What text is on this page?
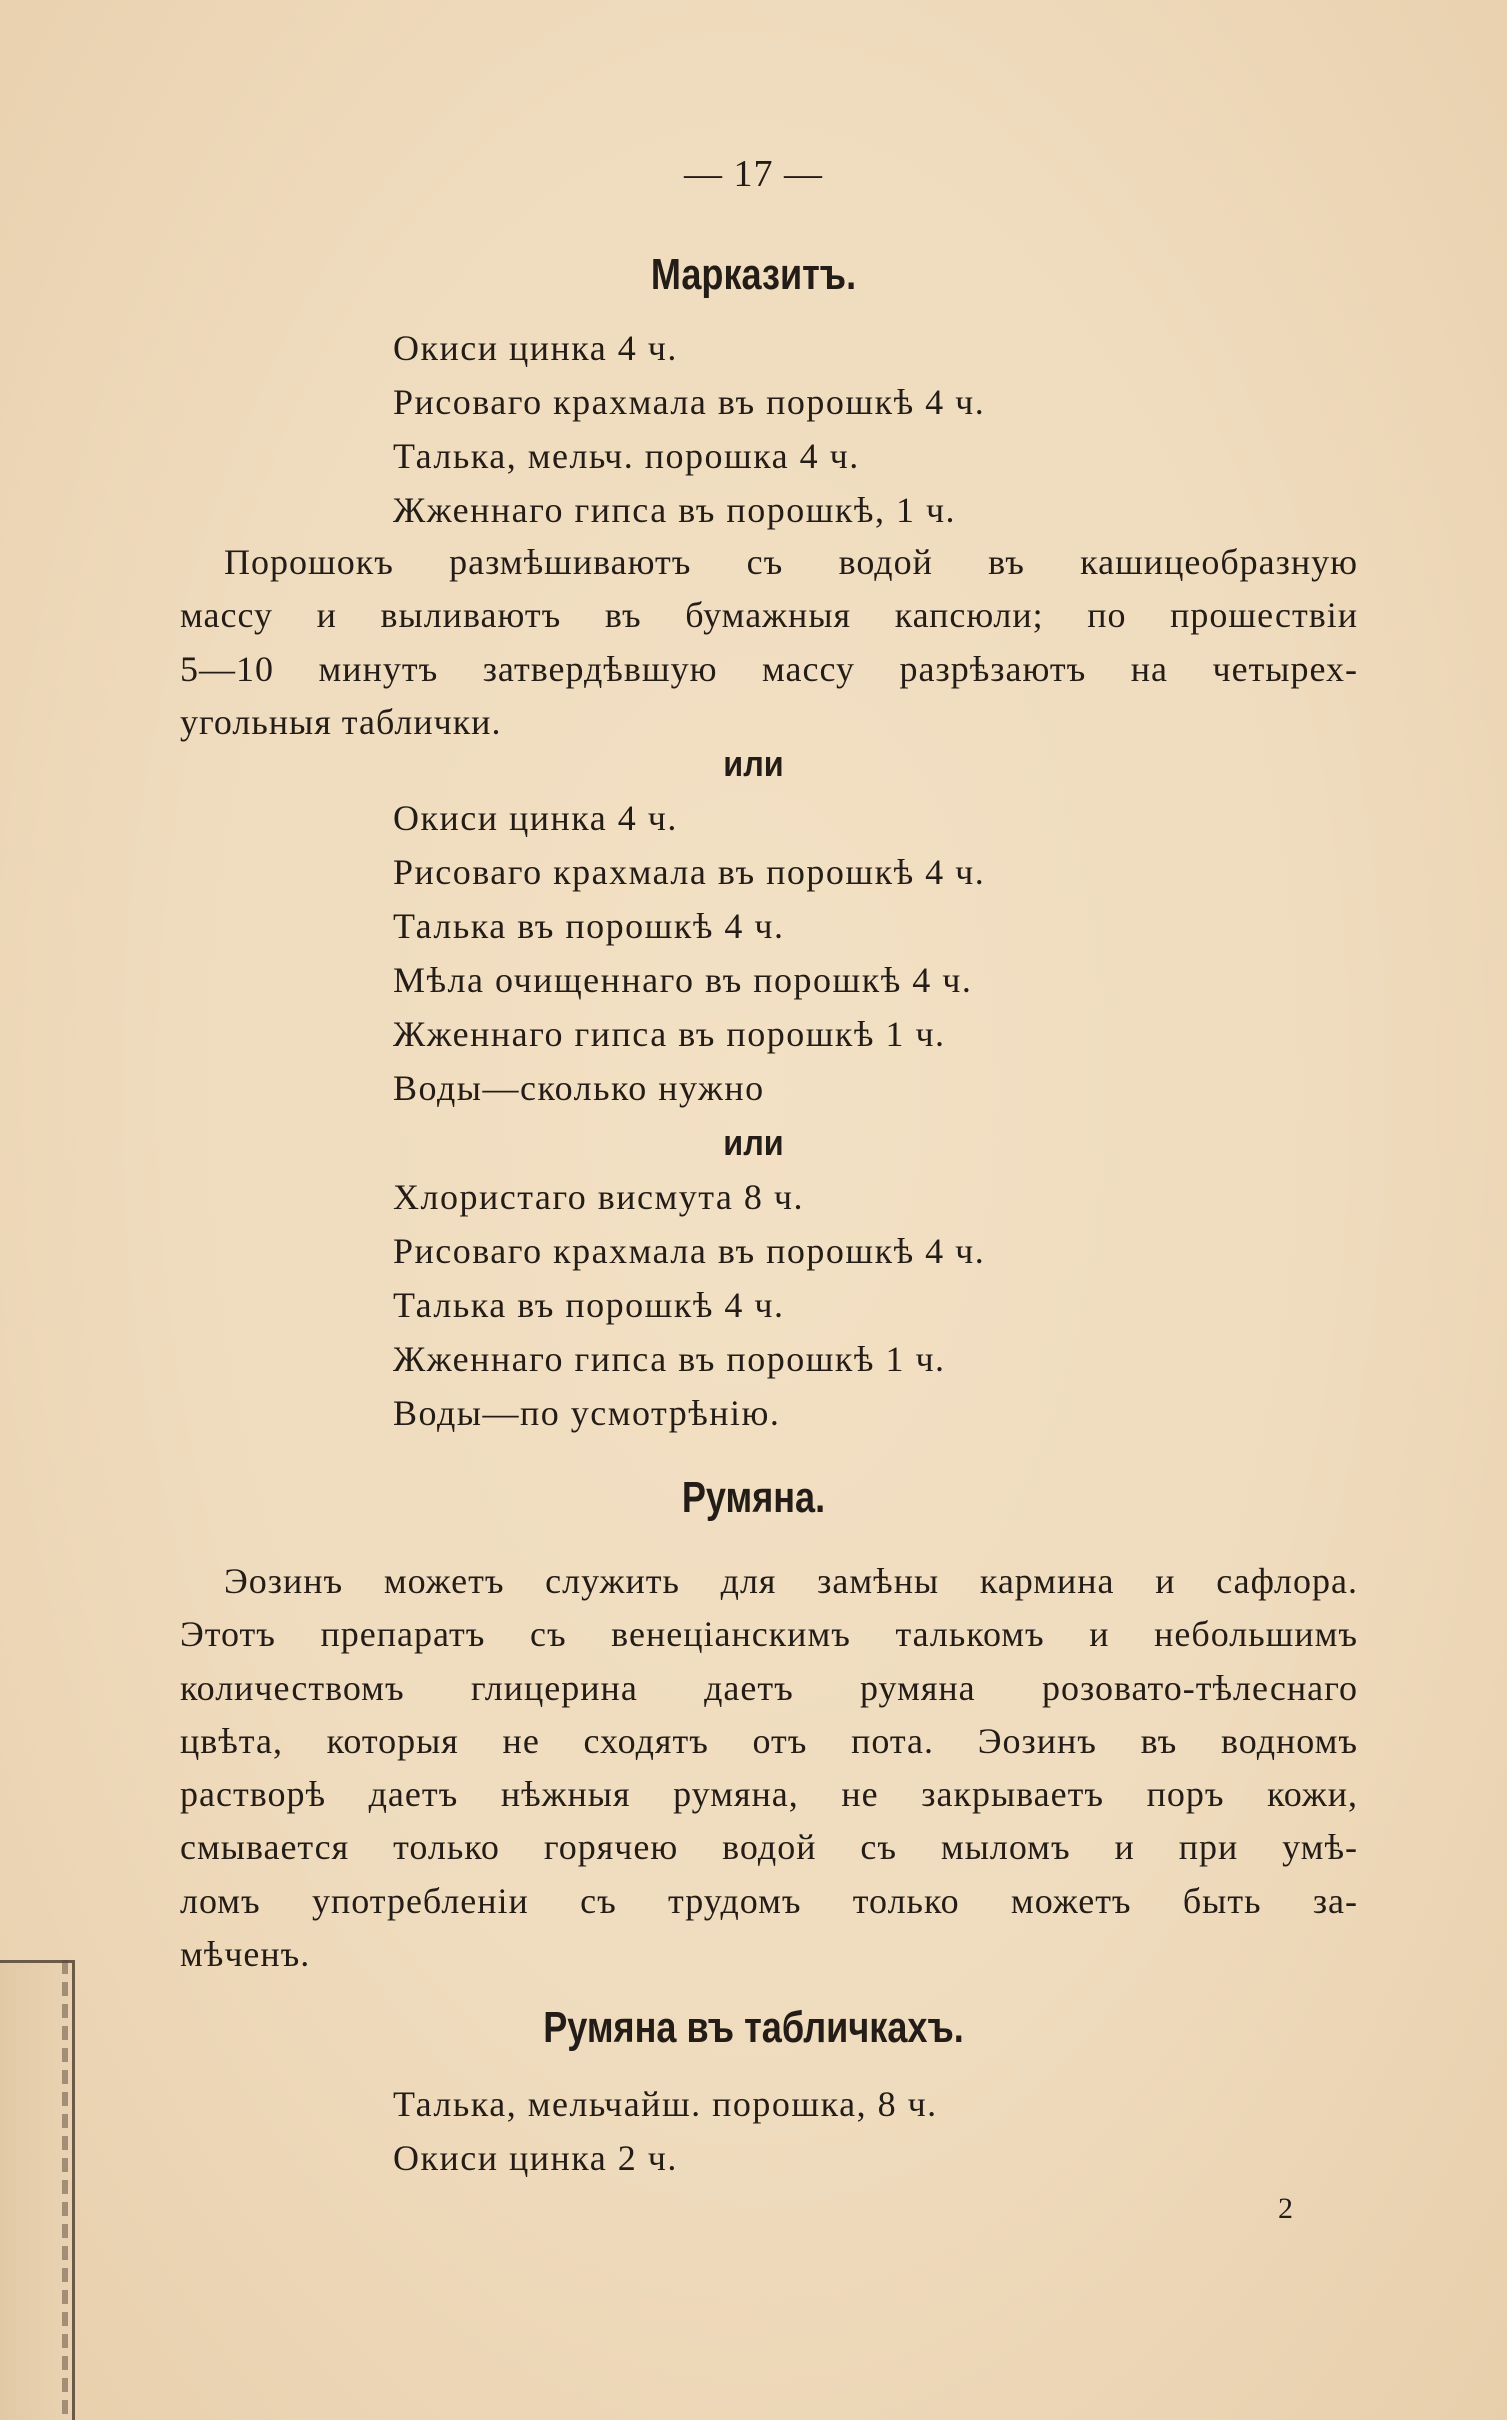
— 17 —
Марказитъ.
Окиси цинка 4 ч.
Рисоваго крахмала въ порошкѣ 4 ч.
Талька, мельч. порошка 4 ч.
Жженнаго гипса въ порошкѣ, 1 ч.
Порошокъ размѣшиваютъ съ водой въ кашицеобразную
массу и выливаютъ въ бумажныя капсюли; по прошествіи
5—10 минутъ затвердѣвшую массу разрѣзаютъ на четырех-
угольныя таблички.
или
Окиси цинка 4 ч.
Рисоваго крахмала въ порошкѣ 4 ч.
Талька въ порошкѣ 4 ч.
Мѣла очищеннаго въ порошкѣ 4 ч.
Жженнаго гипса въ порошкѣ 1 ч.
Воды—сколько нужно
или
Хлористаго висмута 8 ч.
Рисоваго крахмала въ порошкѣ 4 ч.
Талька въ порошкѣ 4 ч.
Жженнаго гипса въ порошкѣ 1 ч.
Воды—по усмотрѣнію.
Румяна.
Эозинъ можетъ служить для замѣны кармина и сафлора.
Этотъ препаратъ съ венеціанскимъ талькомъ и небольшимъ
количествомъ глицерина даетъ румяна розовато-тѣлеснаго
цвѣта, которыя не сходятъ отъ пота. Эозинъ въ водномъ
растворѣ даетъ нѣжныя румяна, не закрываетъ поръ кожи,
смывается только горячею водой съ мыломъ и при умѣ-
ломъ употребленіи съ трудомъ только можетъ быть за-
мѣченъ.
Румяна въ табличкахъ.
Талька, мельчайш. порошка, 8 ч.
Окиси цинка 2 ч.
2
